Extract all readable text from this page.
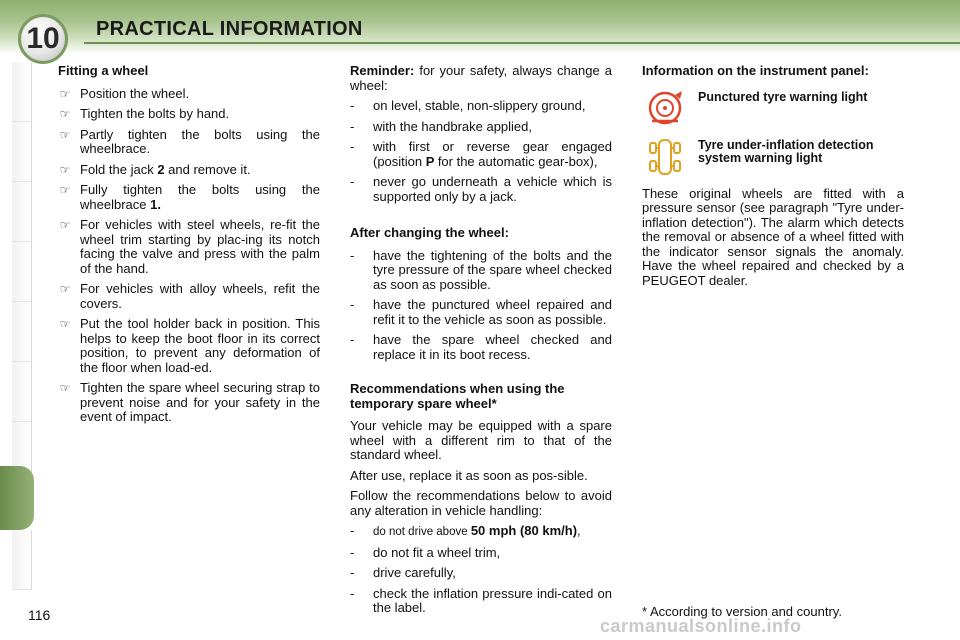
10 PRACTICAL INFORMATION
Fitting a wheel
☞ Position the wheel.
☞ Tighten the bolts by hand.
☞ Partly tighten the bolts using the wheelbrace.
☞ Fold the jack 2 and remove it.
☞ Fully tighten the bolts using the wheelbrace 1.
☞ For vehicles with steel wheels, re-fit the wheel trim starting by plac-ing its notch facing the valve and press with the palm of the hand.
☞ For vehicles with alloy wheels, refit the covers.
☞ Put the tool holder back in position. This helps to keep the boot floor in its correct position, to prevent any deformation of the floor when load-ed.
☞ Tighten the spare wheel securing strap to prevent noise and for your safety in the event of impact.

Reminder: for your safety, always change a wheel:

- on level, stable, non-slippery ground,
- with the handbrake applied,
- with first or reverse gear engaged (position P for the automatic gear-box),
- never go underneath a vehicle which is supported only by a jack.
After changing the wheel:
- have the tightening of the bolts and the tyre pressure of the spare wheel checked as soon as possible.
- have the punctured wheel repaired and refit it to the vehicle as soon as possible.
- have the spare wheel checked and replace it in its boot recess.
Recommendations when using the temporary spare wheel*

Your vehicle may be equipped with a spare wheel with a different rim to that of the standard wheel.

After use, replace it as soon as pos-sible.

Follow the recommendations below to avoid any alteration in vehicle handling:

- do not drive above 50 mph (80 km/h),
- do not fit a wheel trim,
- drive carefully,
- check the inflation pressure indi-cated on the label.
Information on the instrument panel:
Punctured tyre warning light
Tyre under-inflation detection system warning light

These original wheels are fitted with a pressure sensor (see paragraph "Tyre under-inflation detection"). The alarm which detects the removal or absence of a wheel fitted with the indicator sensor signals the anomaly. Have the wheel repaired and checked by a PEUGEOT dealer.

* According to version and country.
116
carmanualsonline.info
